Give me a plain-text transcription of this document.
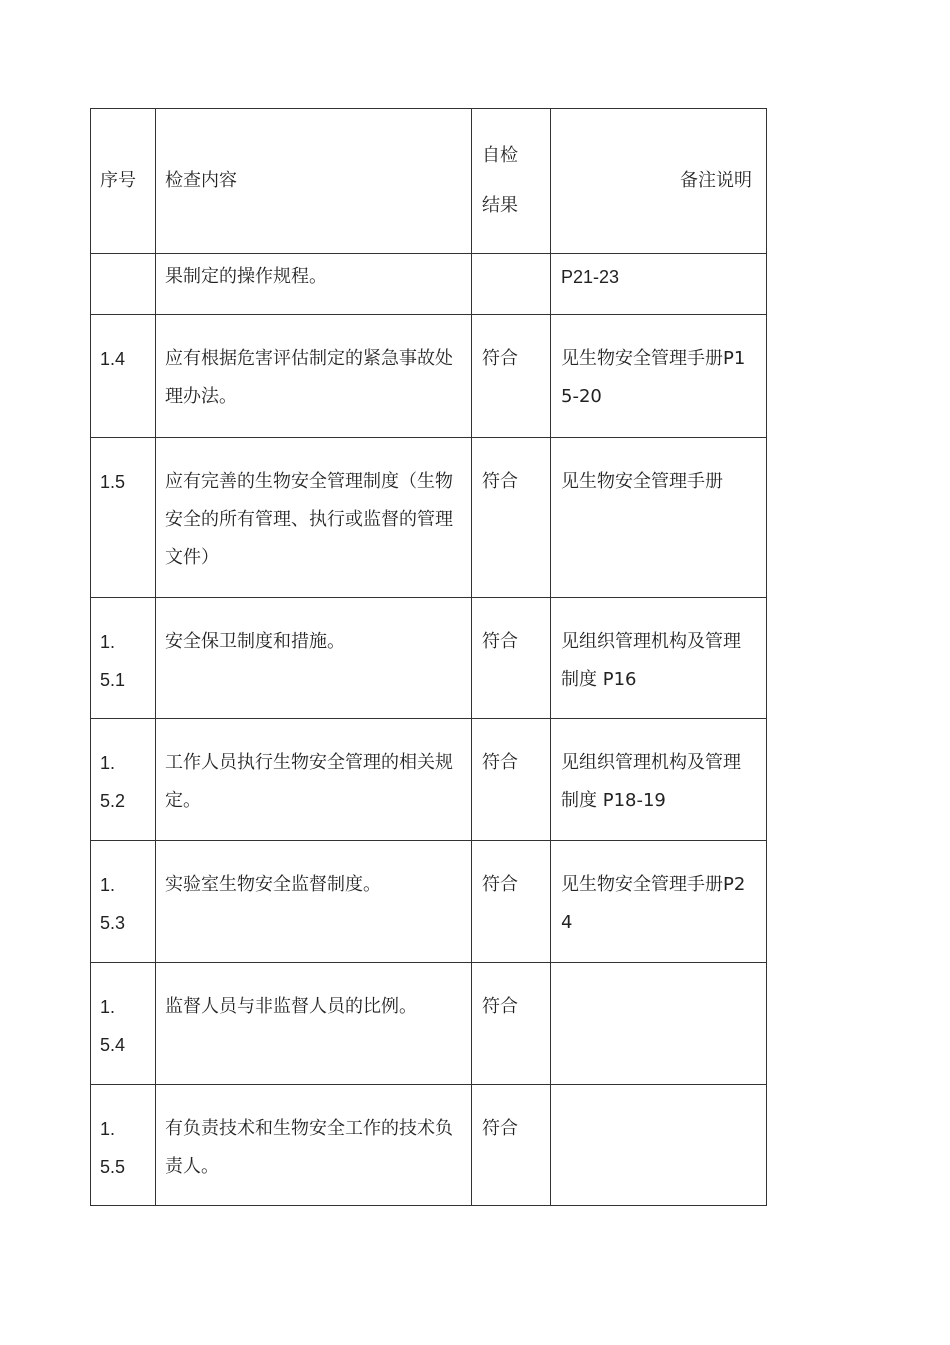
序号	检查内容	自检结果	备注说明

	果制定的操作规程。		P21-23

1.4	应有根据危害评估制定的紧急事故处理办法。	符合	见生物安全管理手册P15-20

1.5	应有完善的生物安全管理制度（生物安全的所有管理、执行或监督的管理文件）	符合	见生物安全管理手册

1.5.1	安全保卫制度和措施。	符合	见组织管理机构及管理制度 P16

1.5.2	工作人员执行生物安全管理的相关规定。	符合	见组织管理机构及管理制度 P18-19

1.5.3	实验室生物安全监督制度。	符合	见生物安全管理手册P24

1.5.4	监督人员与非监督人员的比例。	符合	

1.5.5	有负责技术和生物安全工作的技术负责人。	符合	
